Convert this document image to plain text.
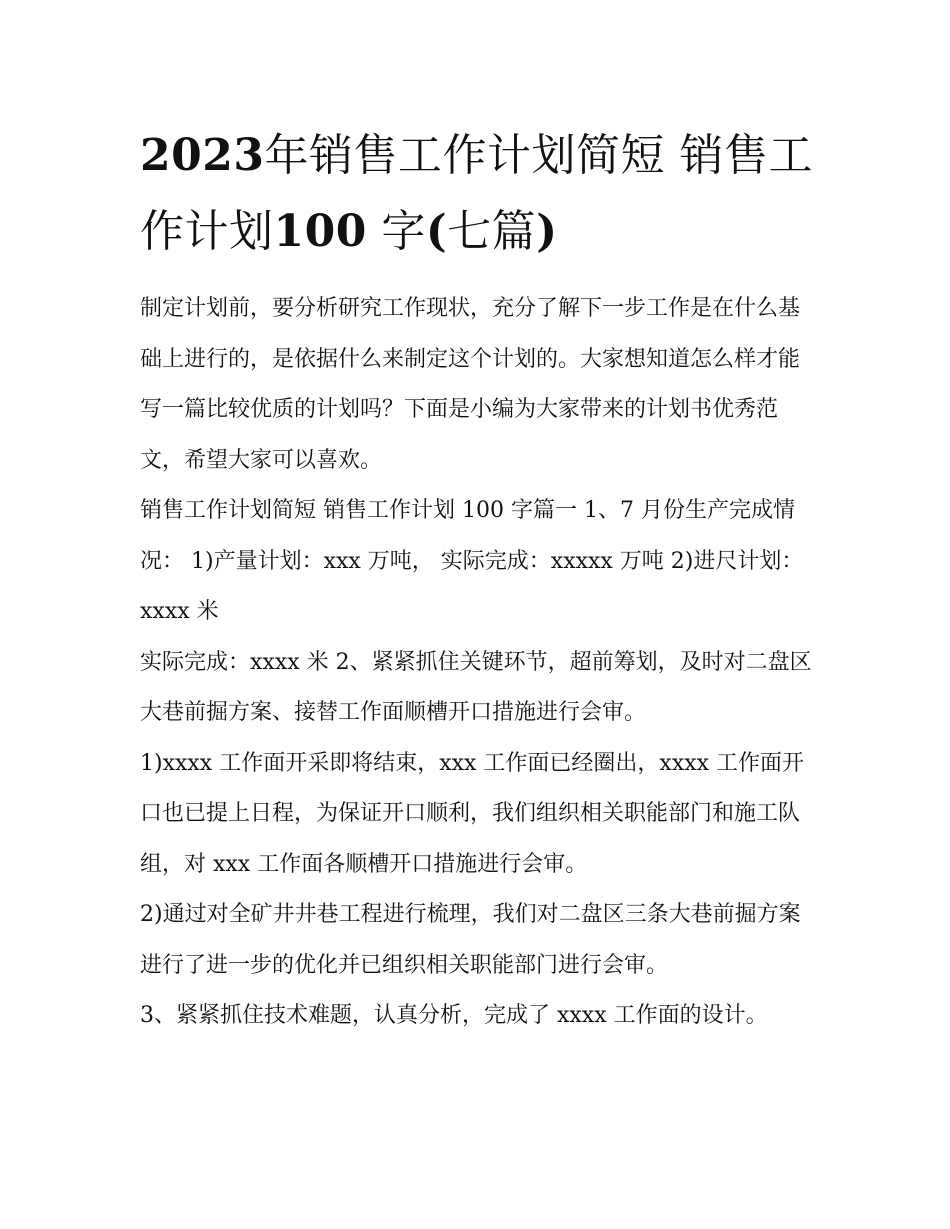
2023年销售工作计划简短 销售工作计划100 字(七篇)

制定计划前，要分析研究工作现状，充分了解下一步工作是在什么基础上进行的，是依据什么来制定这个计划的。大家想知道怎么样才能写一篇比较优质的计划吗？下面是小编为大家带来的计划书优秀范文，希望大家可以喜欢。

销售工作计划简短 销售工作计划 100 字篇一 1、7 月份生产完成情况： 1)产量计划：xxx 万吨， 实际完成：xxxxx 万吨 2)进尺计划：xxxx 米

实际完成：xxxx 米 2、紧紧抓住关键环节，超前筹划，及时对二盘区大巷前掘方案、接替工作面顺槽开口措施进行会审。

1)xxxx 工作面开采即将结束，xxx 工作面已经圈出，xxxx 工作面开口也已提上日程，为保证开口顺利，我们组织相关职能部门和施工队组，对 xxx 工作面各顺槽开口措施进行会审。

2)通过对全矿井井巷工程进行梳理，我们对二盘区三条大巷前掘方案进行了进一步的优化并已组织相关职能部门进行会审。

3、紧紧抓住技术难题，认真分析，完成了 xxxx 工作面的设计。
